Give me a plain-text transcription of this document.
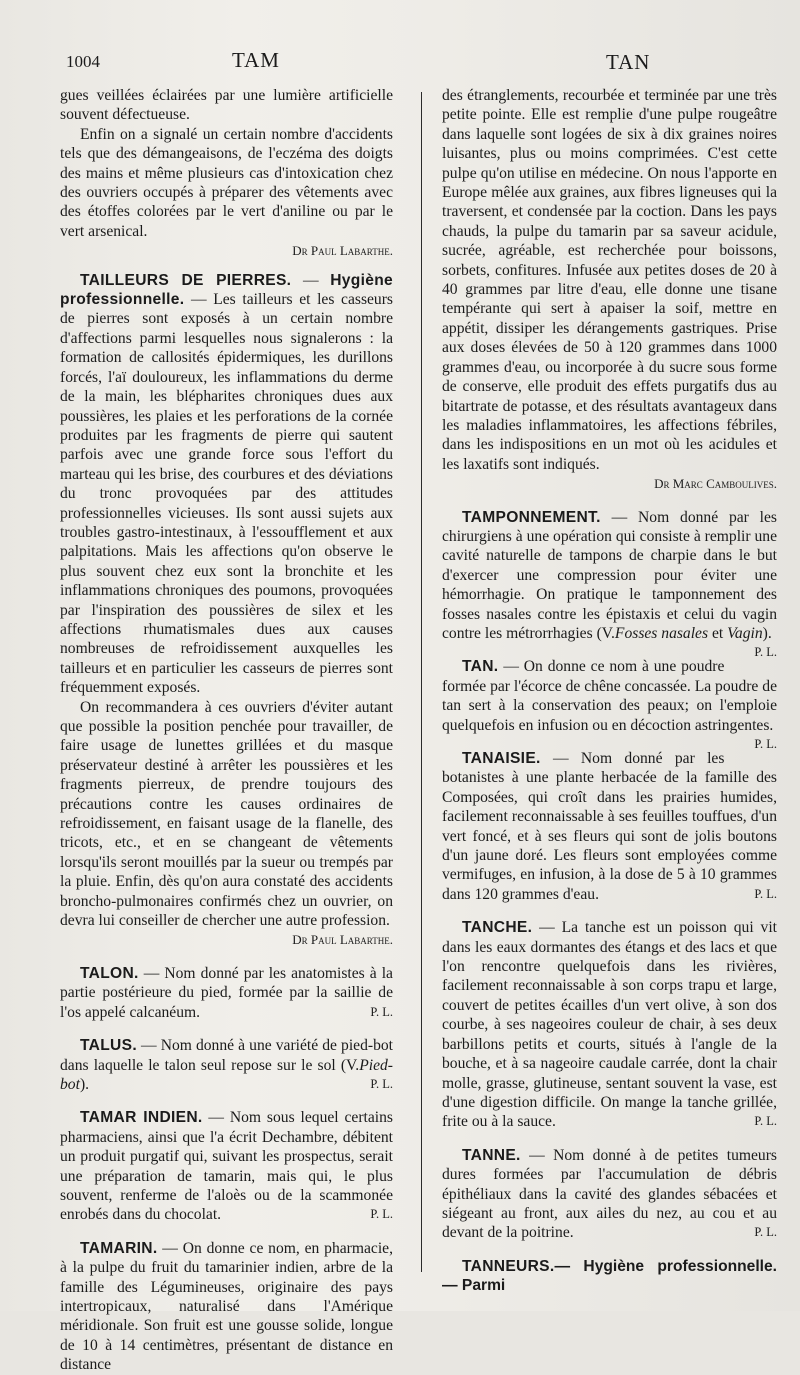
1004	TAM	TAN

gues veillées éclairées par une lumière artificielle souvent défectueuse.

Enfin on a signalé un certain nombre d'accidents tels que des démangeaisons, de l'eczéma des doigts des mains et même plusieurs cas d'intoxication chez des ouvriers occupés à préparer des vêtements avec des étoffes colorées par le vert d'aniline ou par le vert arsenical.

Dr Paul Labarthe.

TAILLEURS DE PIERRES. — Hygiène professionnelle. — Les tailleurs et les casseurs de pierres sont exposés à un certain nombre d'affections parmi lesquelles nous signalerons : la formation de callosités épidermiques, les durillons forcés, l'aï douloureux, les inflammations du derme de la main, les blépharites chroniques dues aux poussières, les plaies et les perforations de la cornée produites par les fragments de pierre qui sautent parfois avec une grande force sous l'effort du marteau qui les brise, des courbures et des déviations du tronc provoquées par des attitudes professionnelles vicieuses. Ils sont aussi sujets aux troubles gastro-intestinaux, à l'essoufflement et aux palpitations. Mais les affections qu'on observe le plus souvent chez eux sont la bronchite et les inflammations chroniques des poumons, provoquées par l'inspiration des poussières de silex et les affections rhumatismales dues aux causes nombreuses de refroidissement auxquelles les tailleurs et en particulier les casseurs de pierres sont fréquemment exposés.

On recommandera à ces ouvriers d'éviter autant que possible la position penchée pour travailler, de faire usage de lunettes grillées et du masque préservateur destiné à arrêter les poussières et les fragments pierreux, de prendre toujours des précautions contre les causes ordinaires de refroidissement, en faisant usage de la flanelle, des tricots, etc., et en se changeant de vêtements lorsqu'ils seront mouillés par la sueur ou trempés par la pluie. Enfin, dès qu'on aura constaté des accidents broncho-pulmonaires confirmés chez un ouvrier, on devra lui conseiller de chercher une autre profession.

Dr Paul Labarthe.

TALON. — Nom donné par les anatomistes à la partie postérieure du pied, formée par la saillie de l'os appelé calcanéum.	P. L.

TALUS. — Nom donné à une variété de pied-bot dans laquelle le talon seul repose sur le sol (V.Pied-bot).	P. L.

TAMAR INDIEN. — Nom sous lequel certains pharmaciens, ainsi que l'a écrit Dechambre, débitent un produit purgatif qui, suivant les prospectus, serait une préparation de tamarin, mais qui, le plus souvent, renferme de l'aloès ou de la scammonée enrobés dans du chocolat.	P. L.

TAMARIN. — On donne ce nom, en pharmacie, à la pulpe du fruit du tamarinier indien, arbre de la famille des Légumineuses, originaire des pays intertropicaux, naturalisé dans l'Amérique méridionale. Son fruit est une gousse solide, longue de 10 à 14 centimètres, présentant de distance en distance

des étranglements, recourbée et terminée par une très petite pointe. Elle est remplie d'une pulpe rougeâtre dans laquelle sont logées de six à dix graines noires luisantes, plus ou moins comprimées. C'est cette pulpe qu'on utilise en médecine. On nous l'apporte en Europe mêlée aux graines, aux fibres ligneuses qui la traversent, et condensée par la coction. Dans les pays chauds, la pulpe du tamarin par sa saveur acidule, sucrée, agréable, est recherchée pour boissons, sorbets, confitures. Infusée aux petites doses de 20 à 40 grammes par litre d'eau, elle donne une tisane tempérante qui sert à apaiser la soif, mettre en appétit, dissiper les dérangements gastriques. Prise aux doses élevées de 50 à 120 grammes dans 1000 grammes d'eau, ou incorporée à du sucre sous forme de conserve, elle produit des effets purgatifs dus au bitartrate de potasse, et des résultats avantageux dans les maladies inflammatoires, les affections fébriles, dans les indispositions en un mot où les acidules et les laxatifs sont indiqués.

Dr Marc Camboulives.

TAMPONNEMENT. — Nom donné par les chirurgiens à une opération qui consiste à remplir une cavité naturelle de tampons de charpie dans le but d'exercer une compression pour éviter une hémorrhagie. On pratique le tamponnement des fosses nasales contre les épistaxis et celui du vagin contre les métrorrhagies (V.Fosses nasales et Vagin).
P. L.

TAN. — On donne ce nom à une poudre formée par l'écorce de chêne concassée. La poudre de tan sert à la conservation des peaux; on l'emploie quelquefois en infusion ou en décoction astringentes.
P. L.

TANAISIE. — Nom donné par les botanistes à une plante herbacée de la famille des Composées, qui croît dans les prairies humides, facilement reconnaissable à ses feuilles touffues, d'un vert foncé, et à ses fleurs qui sont de jolis boutons d'un jaune doré. Les fleurs sont employées comme vermifuges, en infusion, à la dose de 5 à 10 grammes dans 120 grammes d'eau.	P. L.

TANCHE. — La tanche est un poisson qui vit dans les eaux dormantes des étangs et des lacs et que l'on rencontre quelquefois dans les rivières, facilement reconnaissable à son corps trapu et large, couvert de petites écailles d'un vert olive, à son dos courbe, à ses nageoires couleur de chair, à ses deux barbillons petits et courts, situés à l'angle de la bouche, et à sa nageoire caudale carrée, dont la chair molle, grasse, glutineuse, sentant souvent la vase, est d'une digestion difficile. On mange la tanche grillée, frite ou à la sauce.	P. L.

TANNE. — Nom donné à de petites tumeurs dures formées par l'accumulation de débris épithéliaux dans la cavité des glandes sébacées et siégeant au front, aux ailes du nez, au cou et au devant de la poitrine.	P. L.

TANNEURS.— Hygiène professionnelle. — Parmi
